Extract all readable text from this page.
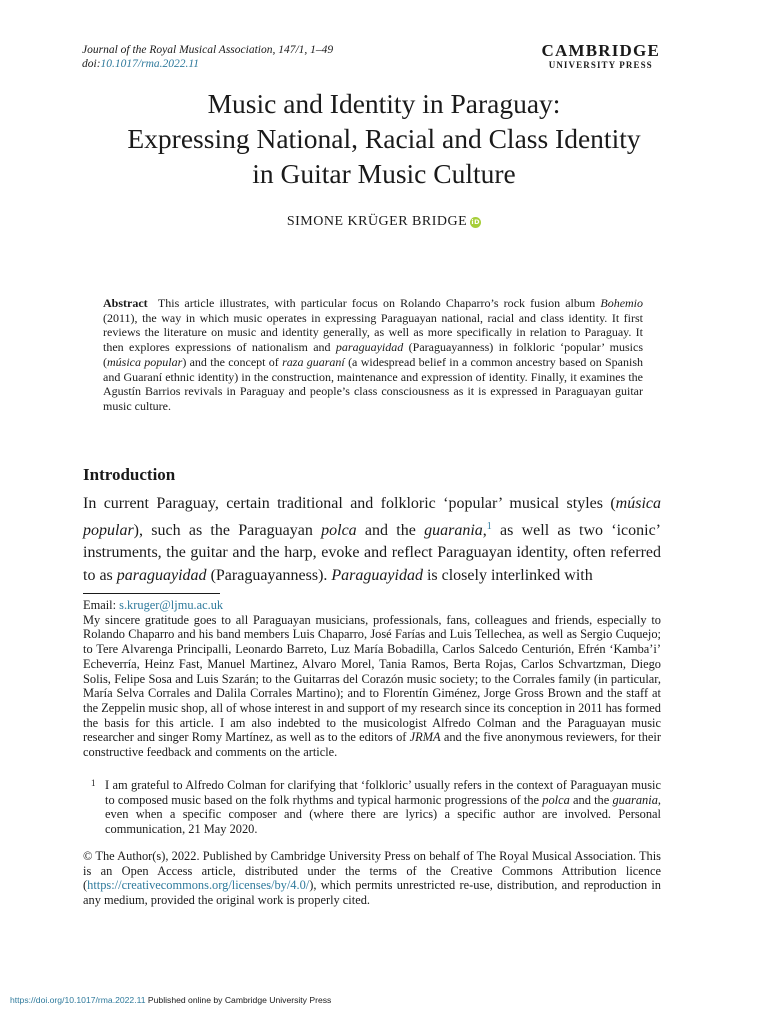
Journal of the Royal Musical Association, 147/1, 1–49
doi:10.1017/rma.2022.11
CAMBRIDGE
UNIVERSITY PRESS
Music and Identity in Paraguay:
Expressing National, Racial and Class Identity
in Guitar Music Culture
SIMONE KRÜGER BRIDGE iD
Abstract This article illustrates, with particular focus on Rolando Chaparro’s rock fusion album Bohemio (2011), the way in which music operates in expressing Paraguayan national, racial and class identity. It first reviews the literature on music and identity generally, as well as more specifically in relation to Paraguay. It then explores expressions of nationalism and paraguayidad (Paraguayanness) in folkloric ‘popular’ musics (música popular) and the concept of raza guaraní (a widespread belief in a common ancestry based on Spanish and Guaraní ethnic identity) in the construction, maintenance and expression of identity. Finally, it examines the Agustín Barrios revivals in Paraguay and people’s class consciousness as it is expressed in Paraguayan guitar music culture.
Introduction
In current Paraguay, certain traditional and folkloric ‘popular’ musical styles (música popular), such as the Paraguayan polca and the guarania,$^1$ as well as two ‘iconic’ instruments, the guitar and the harp, evoke and reflect Paraguayan identity, often referred to as paraguayidad (Paraguayanness). Paraguayidad is closely interlinked with
Email: s.kruger@ljmu.ac.uk
My sincere gratitude goes to all Paraguayan musicians, professionals, fans, colleagues and friends, especially to Rolando Chaparro and his band members Luis Chaparro, José Farías and Luis Tellechea, as well as Sergio Cuquejo; to Tere Alvarenga Principalli, Leonardo Barreto, Luz María Bobadilla, Carlos Salcedo Centurión, Efrén ‘Kamba’i’ Echeverría, Heinz Fast, Manuel Martinez, Alvaro Morel, Tania Ramos, Berta Rojas, Carlos Schvartzman, Diego Solis, Felipe Sosa and Luis Szarán; to the Guitarras del Corazón music society; to the Corrales family (in particular, María Selva Corrales and Dalila Corrales Martino); and to Florentín Giménez, Jorge Gross Brown and the staff at the Zeppelin music shop, all of whose interest in and support of my research since its conception in 2011 has formed the basis for this article. I am also indebted to the musicologist Alfredo Colman and the Paraguayan music researcher and singer Romy Martínez, as well as to the editors of JRMA and the five anonymous reviewers, for their constructive feedback and comments on the article.
1 I am grateful to Alfredo Colman for clarifying that ‘folkloric’ usually refers in the context of Paraguayan music to composed music based on the folk rhythms and typical harmonic progressions of the polca and the guarania, even when a specific composer and (where there are lyrics) a specific author are involved. Personal communication, 21 May 2020.
© The Author(s), 2022. Published by Cambridge University Press on behalf of The Royal Musical Association. This is an Open Access article, distributed under the terms of the Creative Commons Attribution licence (https://creativecommons.org/licenses/by/4.0/), which permits unrestricted re-use, distribution, and reproduction in any medium, provided the original work is properly cited.
https://doi.org/10.1017/rma.2022.11 Published online by Cambridge University Press
